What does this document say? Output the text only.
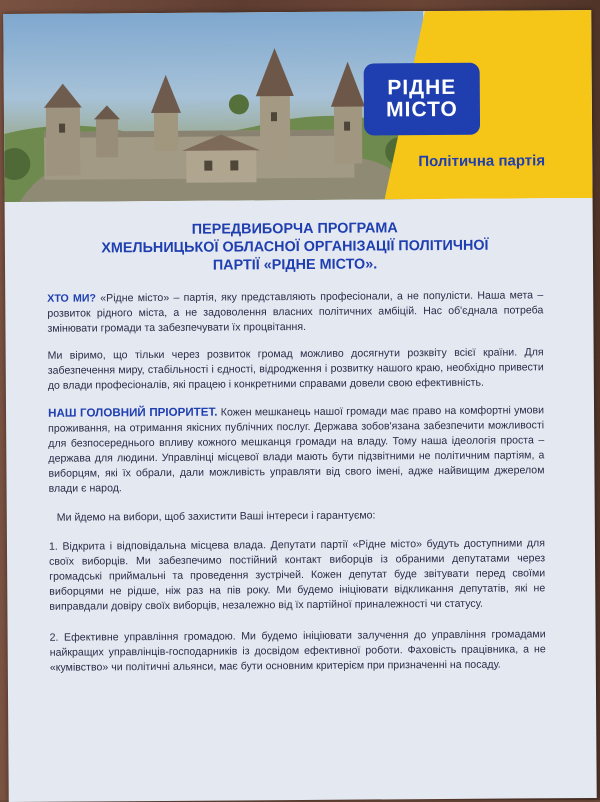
РІДНЕ
МІСТО
Політична партія
ПЕРЕДВИБОРЧА ПРОГРАМА
ХМЕЛЬНИЦЬКОЇ ОБЛАСНОЇ ОРГАНІЗАЦІЇ ПОЛІТИЧНОЇ
ПАРТІЇ «РІДНЕ МІСТО».

ХТО МИ? «Рідне місто» – партія, яку представляють професіонали, а не популісти. Наша мета – розвиток рідного міста, а не задоволення власних політичних амбіцій. Нас об'єднала потреба змінювати громади та забезпечувати їх процвітання.

Ми віримо, що тільки через розвиток громад можливо досягнути розквіту всієї країни. Для забезпечення миру, стабільності і єдності, відродження і розвитку нашого краю, необхідно привести до влади професіоналів, які працею і конкретними справами довели свою ефективність.

НАШ ГОЛОВНИЙ ПРІОРИТЕТ. Кожен мешканець нашої громади має право на комфортні умови проживання, на отримання якісних публічних послуг. Держава зобов'язана забезпечити можливості для безпосереднього впливу кожного мешканця громади на владу. Тому наша ідеологія проста – держава для людини. Управлінці місцевої влади мають бути підзвітними не політичним партіям, а виборцям, які їх обрали, дали можливість управляти від свого імені, адже найвищим джерелом влади є народ.

Ми йдемо на вибори, щоб захистити Ваші інтереси і гарантуємо:

1. Відкрита і відповідальна місцева влада. Депутати партії «Рідне місто» будуть доступними для своїх виборців. Ми забезпечимо постійний контакт виборців із обраними депутатами через громадські приймальні та проведення зустрічей. Кожен депутат буде звітувати перед своїми виборцями не рідше, ніж раз на пів року. Ми будемо ініціювати відкликання депутатів, які не виправдали довіру своїх виборців, незалежно від їх партійної приналежності чи статусу.

2. Ефективне управління громадою. Ми будемо ініціювати залучення до управління громадами найкращих управлінців-господарників із досвідом ефективної роботи. Фаховість працівника, а не «кумівство» чи політичні альянси, має бути основним критерієм при призначенні на посаду.
